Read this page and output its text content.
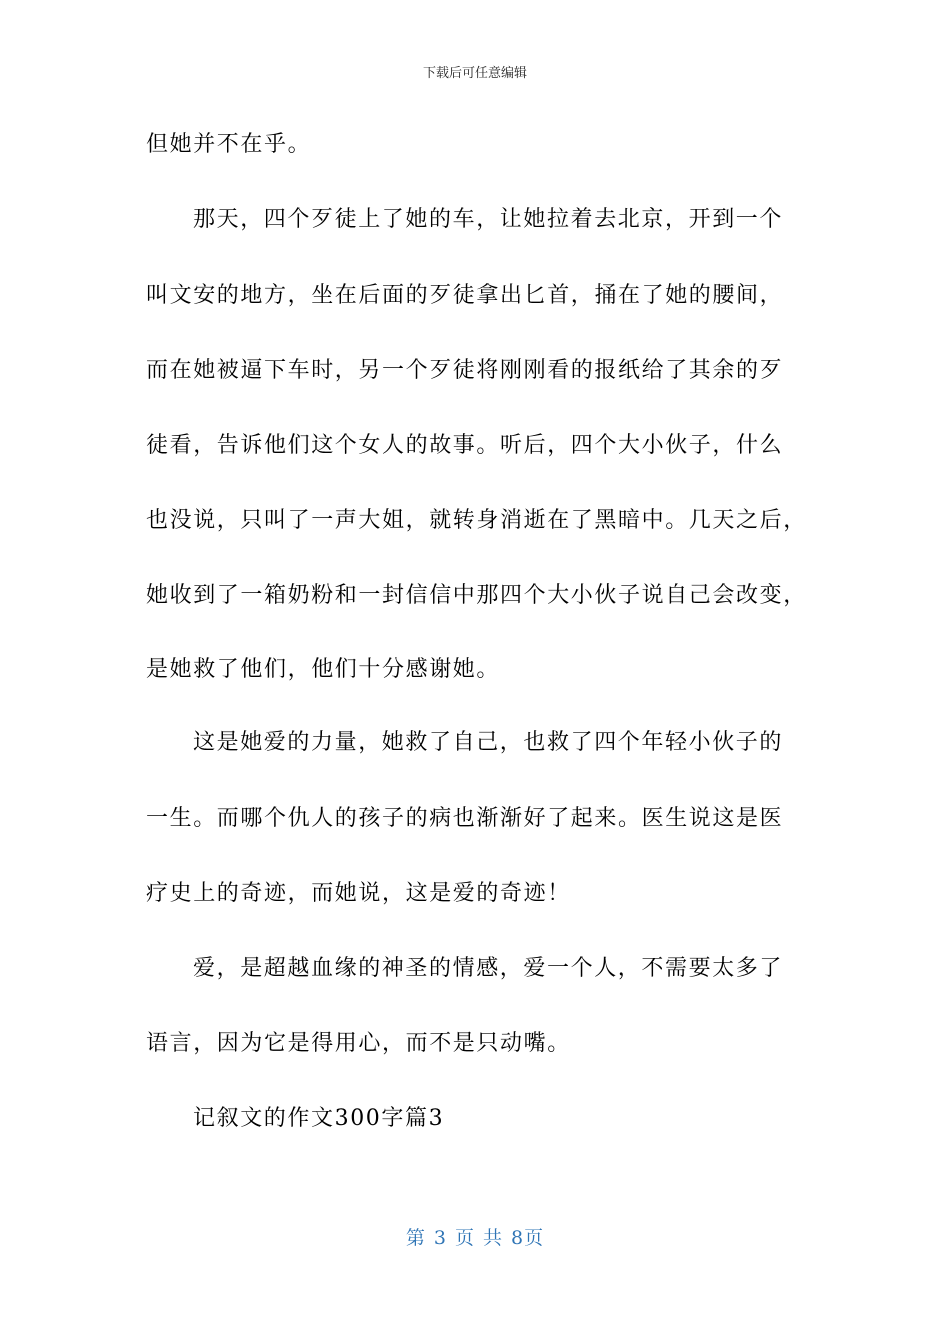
下载后可任意编辑
但她并不在乎。
那天，四个歹徒上了她的车，让她拉着去北京，开到一个
叫文安的地方，坐在后面的歹徒拿出匕首，捅在了她的腰间，
而在她被逼下车时，另一个歹徒将刚刚看的报纸给了其余的歹
徒看，告诉他们这个女人的故事。听后，四个大小伙子，什么
也没说，只叫了一声大姐，就转身消逝在了黑暗中。几天之后，
她收到了一箱奶粉和一封信信中那四个大小伙子说自己会改变，
是她救了他们，他们十分感谢她。
这是她爱的力量，她救了自己，也救了四个年轻小伙子的
一生。而哪个仇人的孩子的病也渐渐好了起来。医生说这是医
疗史上的奇迹，而她说，这是爱的奇迹！
爱，是超越血缘的神圣的情感，爱一个人，不需要太多了
语言，因为它是得用心，而不是只动嘴。
记叙文的作文300字篇3
第 3 页 共 8页
